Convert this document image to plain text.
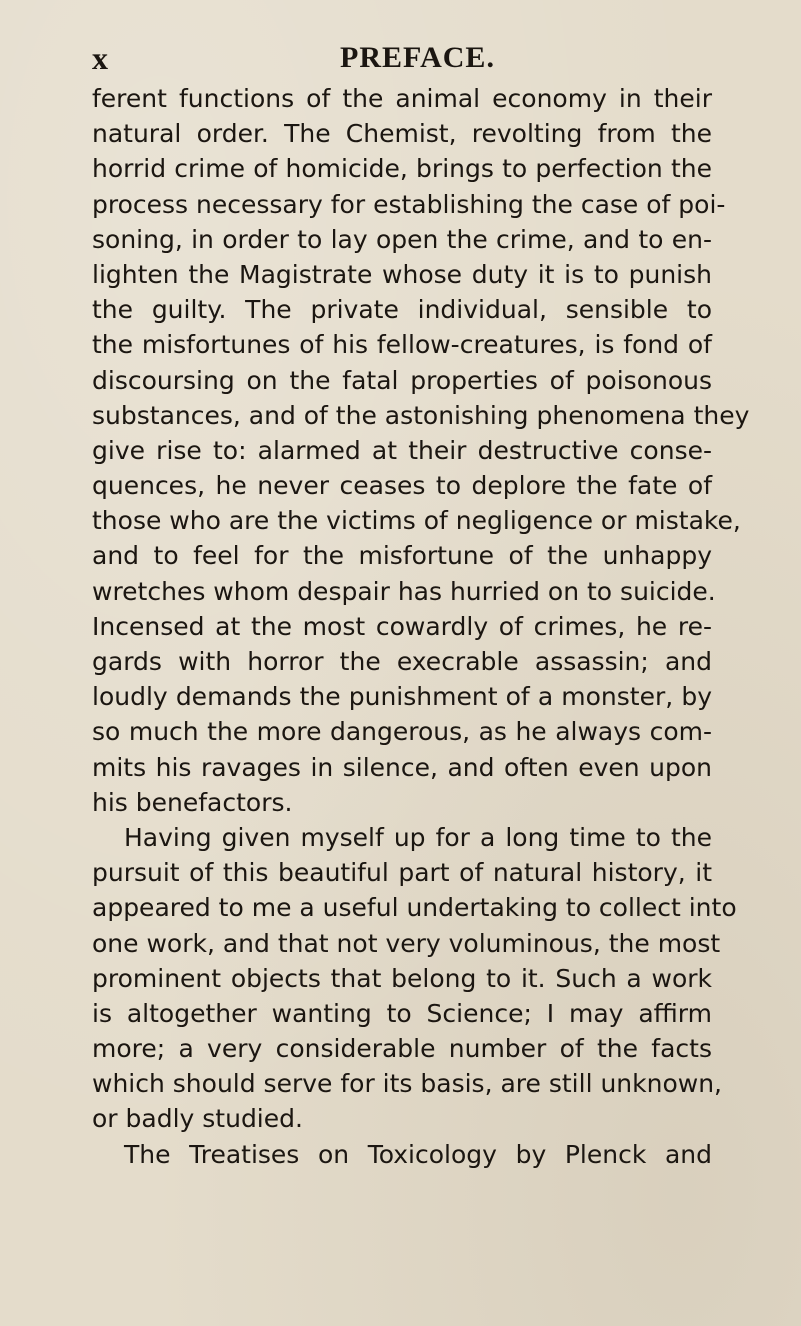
x	PREFACE.
ferent functions of the animal economy in their
natural order. The Chemist, revolting from the
horrid crime of homicide, brings to perfection the
process necessary for establishing the case of poi-
soning, in order to lay open the crime, and to en-
lighten the Magistrate whose duty it is to punish
the guilty. The private individual, sensible to
the misfortunes of his fellow-creatures, is fond of
discoursing on the fatal properties of poisonous
substances, and of the astonishing phenomena they
give rise to: alarmed at their destructive conse-
quences, he never ceases to deplore the fate of
those who are the victims of negligence or mistake,
and to feel for the misfortune of the unhappy
wretches whom despair has hurried on to suicide.
Incensed at the most cowardly of crimes, he re-
gards with horror the execrable assassin; and
loudly demands the punishment of a monster, by
so much the more dangerous, as he always com-
mits his ravages in silence, and often even upon
his benefactors.
Having given myself up for a long time to the
pursuit of this beautiful part of natural history, it
appeared to me a useful undertaking to collect into
one work, and that not very voluminous, the most
prominent objects that belong to it. Such a work
is altogether wanting to Science; I may affirm
more; a very considerable number of the facts
which should serve for its basis, are still unknown,
or badly studied.
The Treatises on Toxicology by Plenck and
